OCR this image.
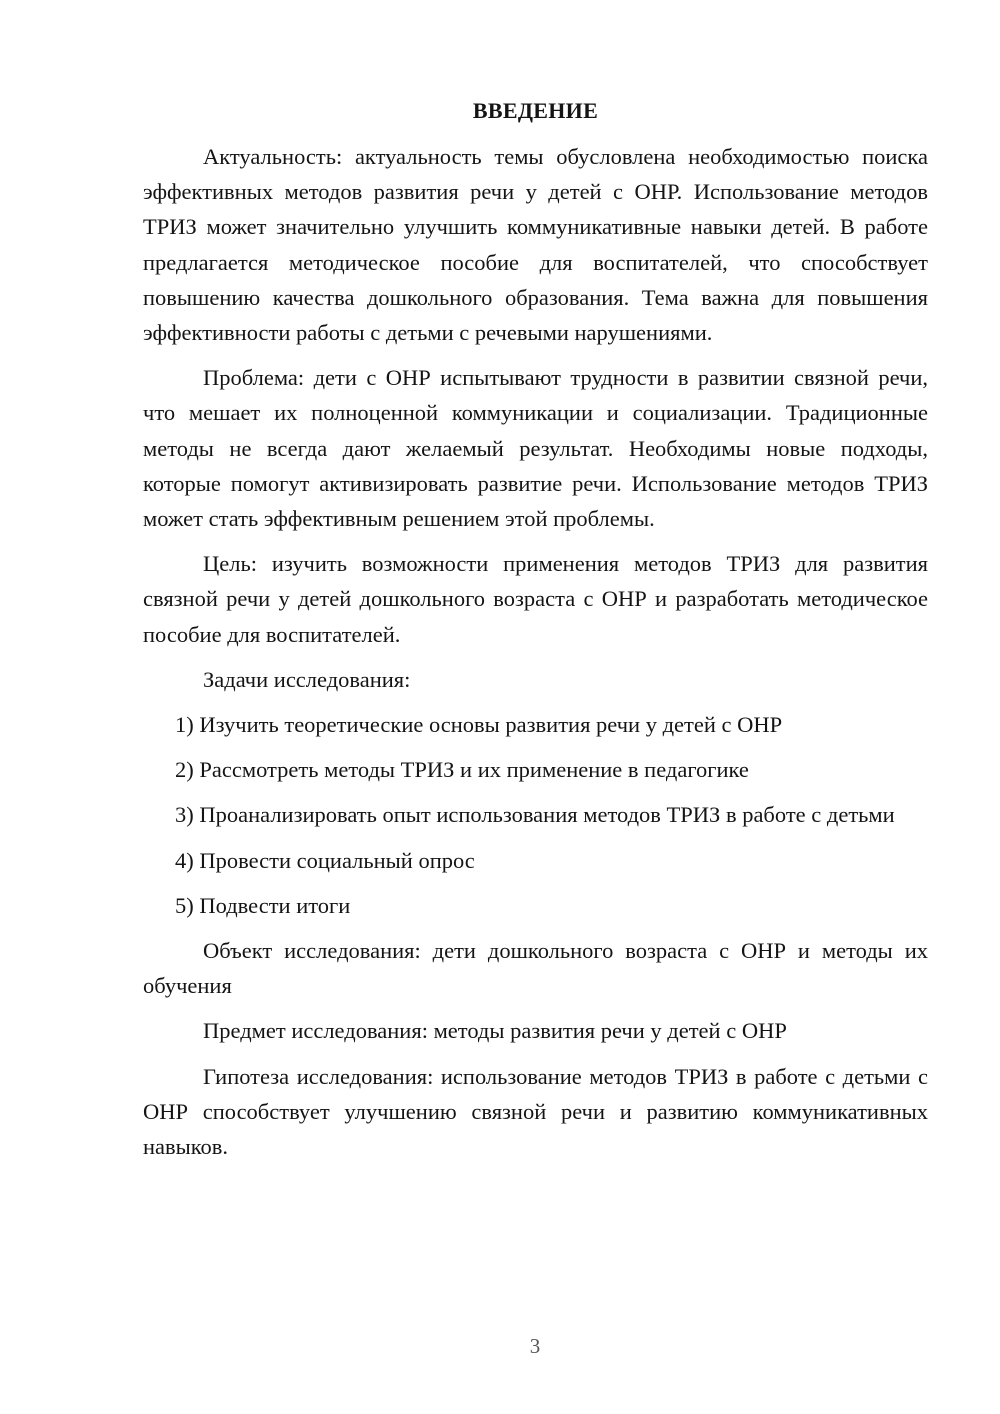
ВВЕДЕНИЕ

Актуальность: актуальность темы обусловлена необходимостью поиска эффективных методов развития речи у детей с ОНР. Использование методов ТРИЗ может значительно улучшить коммуникативные навыки детей. В работе предлагается методическое пособие для воспитателей, что способствует повышению качества дошкольного образования. Тема важна для повышения эффективности работы с детьми с речевыми нарушениями.

Проблема: дети с ОНР испытывают трудности в развитии связной речи, что мешает их полноценной коммуникации и социализации. Традиционные методы не всегда дают желаемый результат. Необходимы новые подходы, которые помогут активизировать развитие речи. Использование методов ТРИЗ может стать эффективным решением этой проблемы.

Цель: изучить возможности применения методов ТРИЗ для развития связной речи у детей дошкольного возраста с ОНР и разработать методическое пособие для воспитателей.

Задачи исследования:

1) Изучить теоретические основы развития речи у детей с ОНР

2) Рассмотреть методы ТРИЗ и их применение в педагогике

3) Проанализировать опыт использования методов ТРИЗ в работе с детьми

4) Провести социальный опрос

5) Подвести итоги

Объект исследования: дети дошкольного возраста с ОНР и методы их обучения

Предмет исследования: методы развития речи у детей с ОНР

Гипотеза исследования: использование методов ТРИЗ в работе с детьми с ОНР способствует улучшению связной речи и развитию коммуникативных навыков.

3
